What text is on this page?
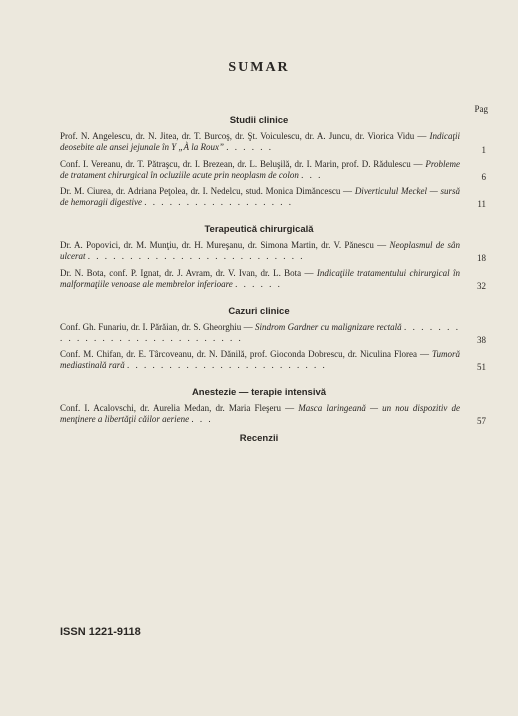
SUMAR
Pag
Studii clinice
Prof. N. Angelescu, dr. N. Jitea, dr. T. Burcoş, dr. Şt. Voiculescu, dr. A. Juncu, dr. Viorica Vidu — Indicaţii deosebite ale ansei jejunale în Y „À la Roux” . . . . . .	1
Conf. I. Vereanu, dr. T. Pătraşcu, dr. I. Brezean, dr. L. Beluşilă, dr. I. Marin, prof. D. Rădulescu — Probleme de tratament chirurgical în ocluziile acute prin neoplasm de colon . . .	6
Dr. M. Ciurea, dr. Adriana Peţolea, dr. I. Nedelcu, stud. Monica Dimăncescu — Diverticulul Meckel — sursă de hemoragii digestive . . . . . . . . . . . . . . . . . .	11
Terapeutică chirurgicală
Dr. A. Popovici, dr. M. Munţiu, dr. H. Mureşanu, dr. Simona Martin, dr. V. Pănescu — Neoplasmul de sân ulcerat . . . . . . . . . . . . . . . . . . . . . . . . . .	18
Dr. N. Bota, conf. P. Ignat, dr. J. Avram, dr. V. Ivan, dr. L. Bota — Indicaţiile tratamentului chirurgical în malformaţiile venoase ale membrelor inferioare . . . . . .	32
Cazuri clinice
Conf. Gh. Funariu, dr. I. Părăian, dr. S. Gheorghiu — Sindrom Gardner cu malignizare rectală . . . . . . . . . . . . . . . . . . . . . . . . . . . . .	38
Conf. M. Chifan, dr. E. Târcoveanu, dr. N. Dănilă, prof. Gioconda Dobrescu, dr. Niculina Florea — Tumoră mediastinală rară . . . . . . . . . . . . . . . . . . . . . . . .	51
Anestezie — terapie intensivă
Conf. I. Acalovschi, dr. Aurelia Medan, dr. Maria Fleşeru — Masca laringeană — un nou dispozitiv de menţinere a libertăţii căilor aeriene . . .	57
Recenzii
ISSN 1221-9118
